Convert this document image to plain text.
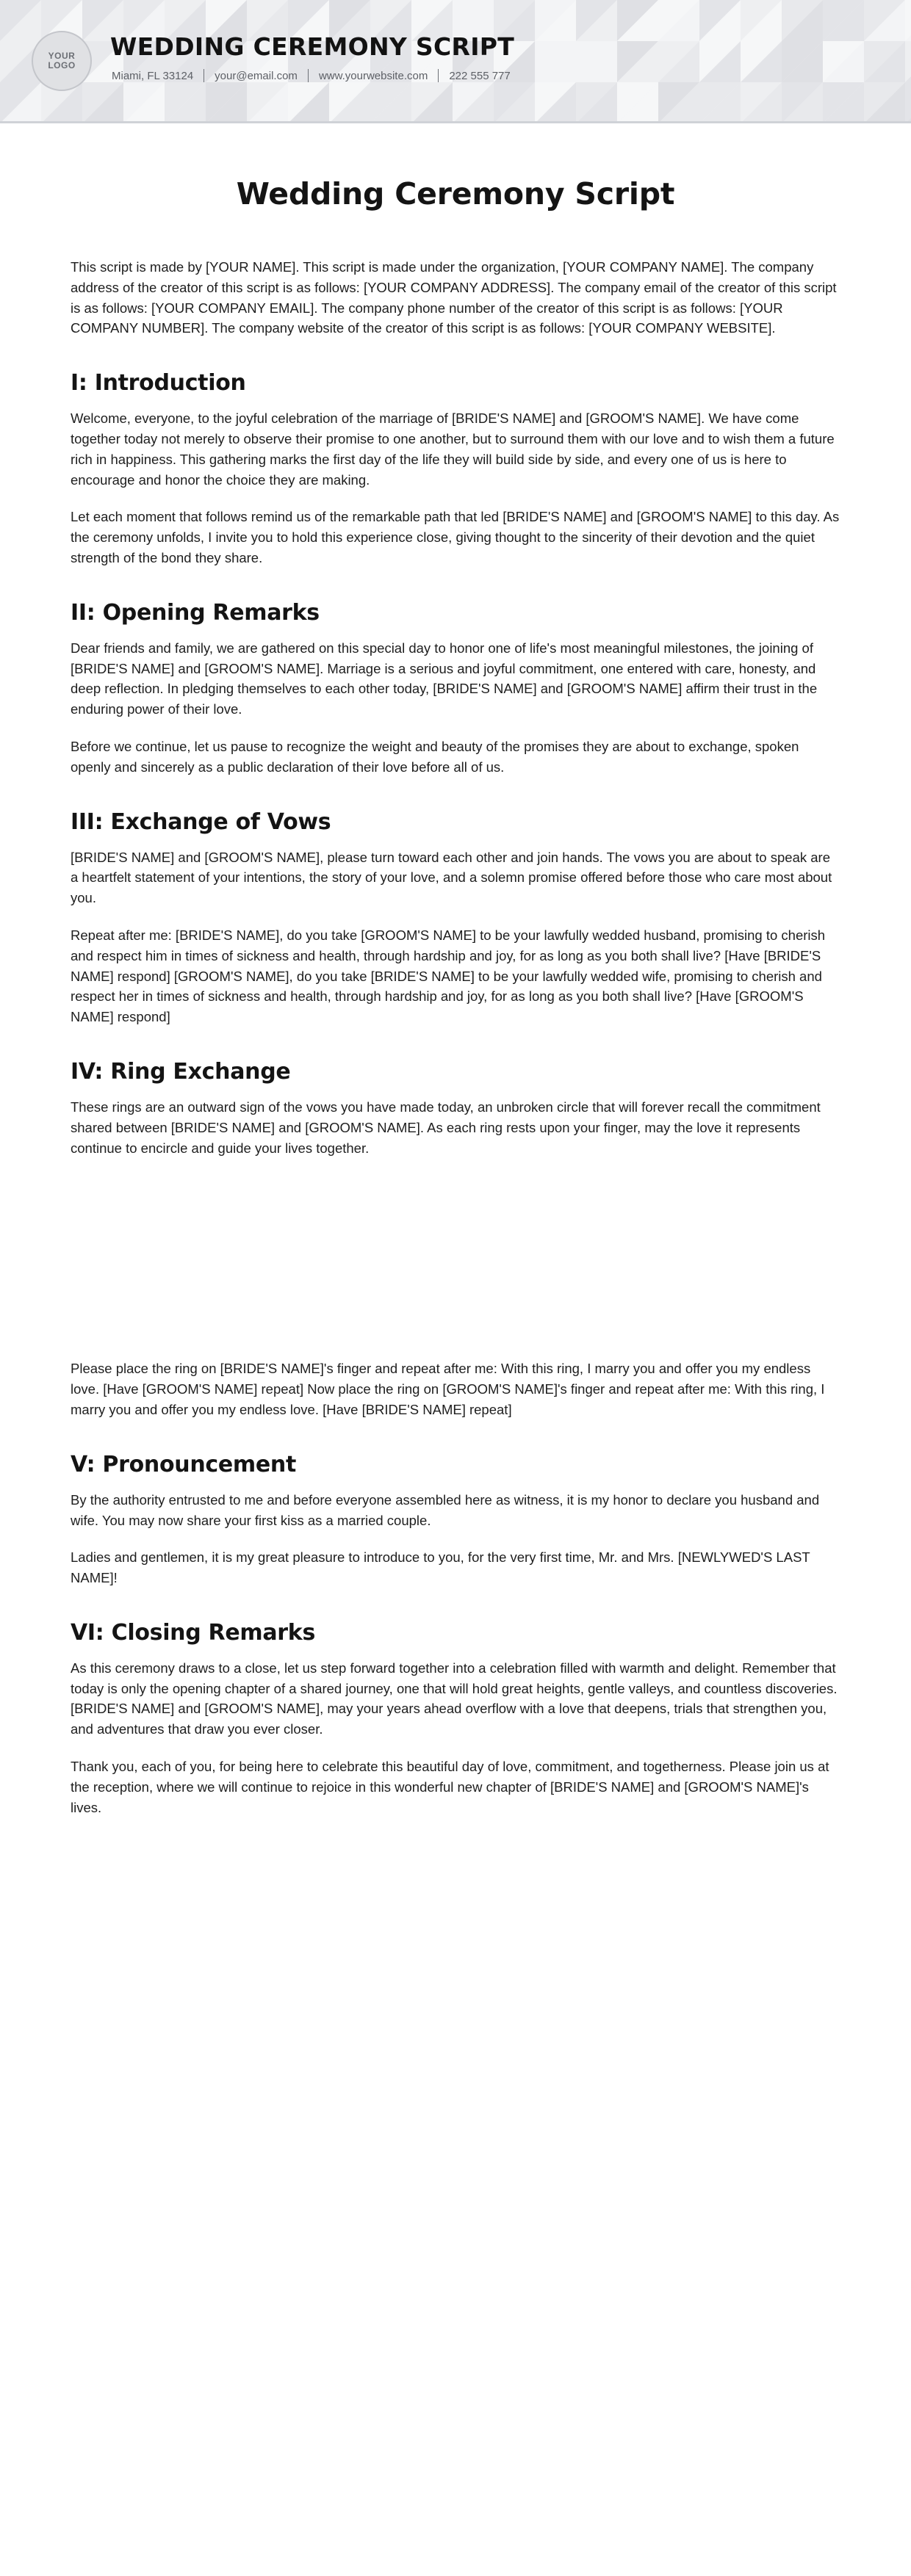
YOUR LOGO
WEDDING CEREMONY SCRIPT
Miami, FL 33124 your@email.com www.yourwebsite.com 222 555 777
Wedding Ceremony Script

This script is made by [YOUR NAME]. This script is made under the organization, [YOUR COMPANY NAME]. The company address of the creator of this script is as follows: [YOUR COMPANY ADDRESS]. The company email of the creator of this script is as follows: [YOUR COMPANY EMAIL]. The company phone number of the creator of this script is as follows: [YOUR COMPANY NUMBER]. The company website of the creator of this script is as follows: [YOUR COMPANY WEBSITE].

I: Introduction

Welcome, everyone, to the joyful celebration of the marriage of [BRIDE'S NAME] and [GROOM'S NAME]. We have come together today not merely to observe their promise to one another, but to surround them with our love and to wish them a future rich in happiness. This gathering marks the first day of the life they will build side by side, and every one of us is here to encourage and honor the choice they are making.

Let each moment that follows remind us of the remarkable path that led [BRIDE'S NAME] and [GROOM'S NAME] to this day. As the ceremony unfolds, I invite you to hold this experience close, giving thought to the sincerity of their devotion and the quiet strength of the bond they share.

II: Opening Remarks

Dear friends and family, we are gathered on this special day to honor one of life's most meaningful milestones, the joining of [BRIDE'S NAME] and [GROOM'S NAME]. Marriage is a serious and joyful commitment, one entered with care, honesty, and deep reflection. In pledging themselves to each other today, [BRIDE'S NAME] and [GROOM'S NAME] affirm their trust in the enduring power of their love.

Before we continue, let us pause to recognize the weight and beauty of the promises they are about to exchange, spoken openly and sincerely as a public declaration of their love before all of us.

III: Exchange of Vows

[BRIDE'S NAME] and [GROOM'S NAME], please turn toward each other and join hands. The vows you are about to speak are a heartfelt statement of your intentions, the story of your love, and a solemn promise offered before those who care most about you.

Repeat after me: [BRIDE'S NAME], do you take [GROOM'S NAME] to be your lawfully wedded husband, promising to cherish and respect him in times of sickness and health, through hardship and joy, for as long as you both shall live? [Have [BRIDE'S NAME] respond] [GROOM'S NAME], do you take [BRIDE'S NAME] to be your lawfully wedded wife, promising to cherish and respect her in times of sickness and health, through hardship and joy, for as long as you both shall live? [Have [GROOM'S NAME] respond]

IV: Ring Exchange

These rings are an outward sign of the vows you have made today, an unbroken circle that will forever recall the commitment shared between [BRIDE'S NAME] and [GROOM'S NAME]. As each ring rests upon your finger, may the love it represents continue to encircle and guide your lives together.

Please place the ring on [BRIDE'S NAME]'s finger and repeat after me: With this ring, I marry you and offer you my endless love. [Have [GROOM'S NAME] repeat] Now place the ring on [GROOM'S NAME]'s finger and repeat after me: With this ring, I marry you and offer you my endless love. [Have [BRIDE'S NAME] repeat]

V: Pronouncement

By the authority entrusted to me and before everyone assembled here as witness, it is my honor to declare you husband and wife. You may now share your first kiss as a married couple.

Ladies and gentlemen, it is my great pleasure to introduce to you, for the very first time, Mr. and Mrs. [NEWLYWED'S LAST NAME]!

VI: Closing Remarks

As this ceremony draws to a close, let us step forward together into a celebration filled with warmth and delight. Remember that today is only the opening chapter of a shared journey, one that will hold great heights, gentle valleys, and countless discoveries. [BRIDE'S NAME] and [GROOM'S NAME], may your years ahead overflow with a love that deepens, trials that strengthen you, and adventures that draw you ever closer.

Thank you, each of you, for being here to celebrate this beautiful day of love, commitment, and togetherness. Please join us at the reception, where we will continue to rejoice in this wonderful new chapter of [BRIDE'S NAME] and [GROOM'S NAME]'s lives.
